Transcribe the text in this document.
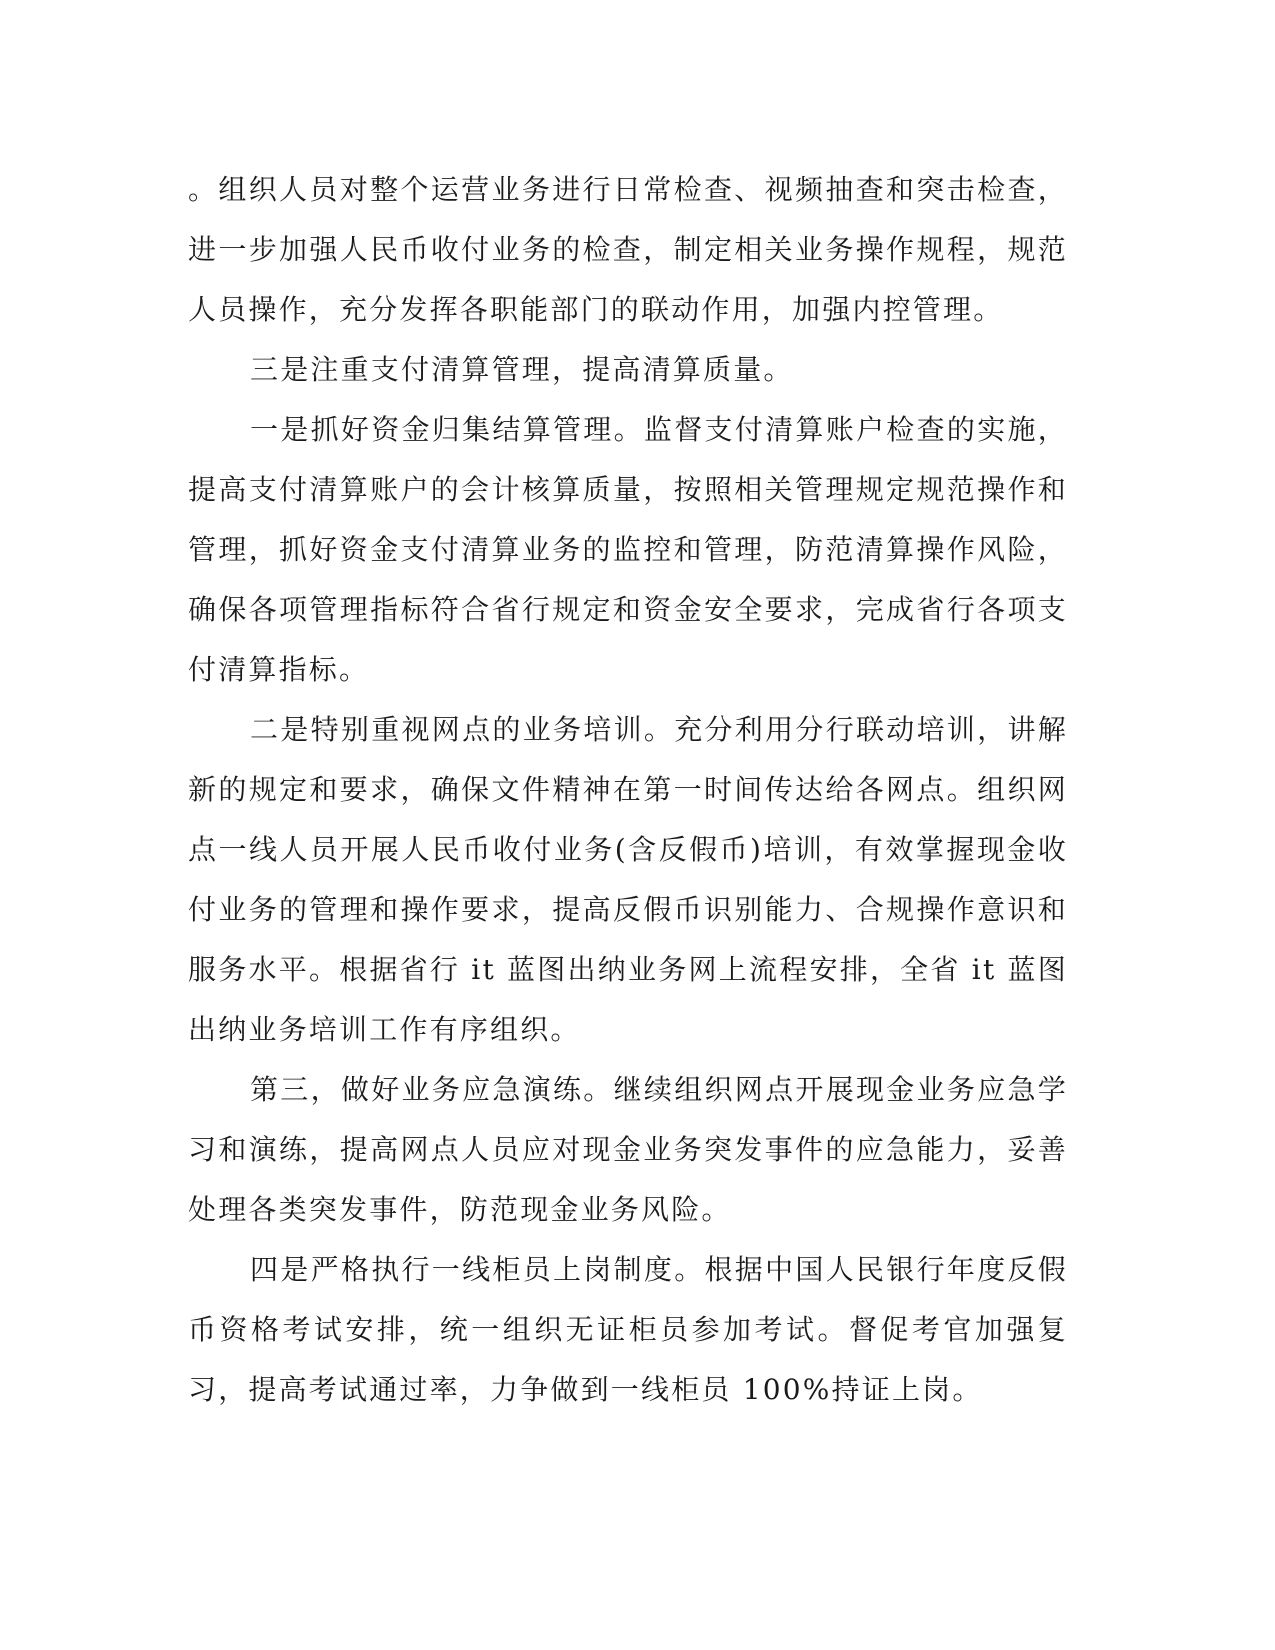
。组织人员对整个运营业务进行日常检查、视频抽查和突击检查，进一步加强人民币收付业务的检查，制定相关业务操作规程，规范人员操作，充分发挥各职能部门的联动作用，加强内控管理。

三是注重支付清算管理，提高清算质量。

一是抓好资金归集结算管理。监督支付清算账户检查的实施，提高支付清算账户的会计核算质量，按照相关管理规定规范操作和管理，抓好资金支付清算业务的监控和管理，防范清算操作风险，确保各项管理指标符合省行规定和资金安全要求，完成省行各项支付清算指标。

二是特别重视网点的业务培训。充分利用分行联动培训，讲解新的规定和要求，确保文件精神在第一时间传达给各网点。组织网点一线人员开展人民币收付业务(含反假币)培训，有效掌握现金收付业务的管理和操作要求，提高反假币识别能力、合规操作意识和服务水平。根据省行 it 蓝图出纳业务网上流程安排，全省 it 蓝图出纳业务培训工作有序组织。

第三，做好业务应急演练。继续组织网点开展现金业务应急学习和演练，提高网点人员应对现金业务突发事件的应急能力，妥善处理各类突发事件，防范现金业务风险。

四是严格执行一线柜员上岗制度。根据中国人民银行年度反假币资格考试安排，统一组织无证柜员参加考试。督促考官加强复习，提高考试通过率，力争做到一线柜员 100%持证上岗。
